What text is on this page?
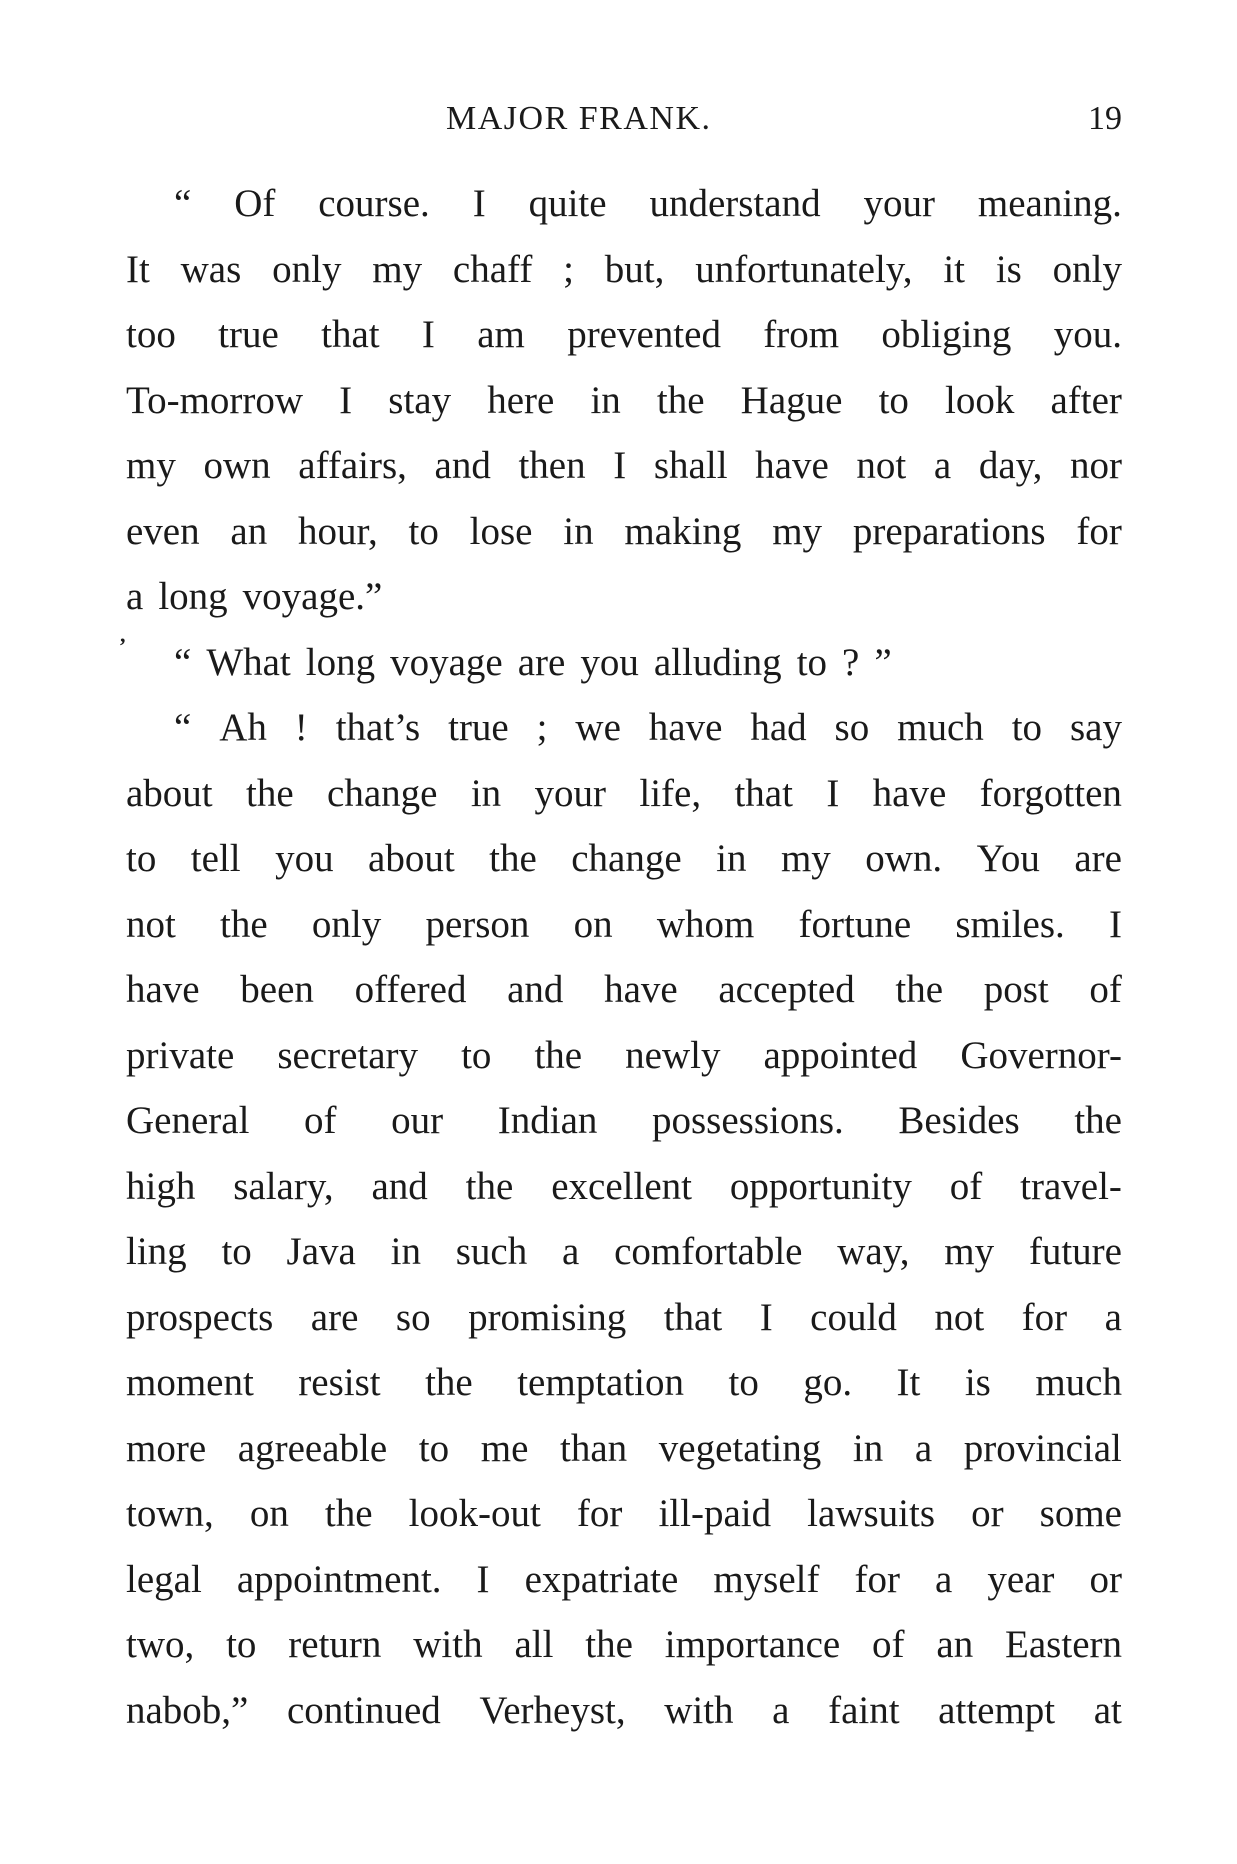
MAJOR FRANK.	19
,
“ Of course. I quite understand your meaning.
It was only my chaff ; but, unfortunately, it is only
too true that I am prevented from obliging you.
To-morrow I stay here in the Hague to look after
my own affairs, and then I shall have not a day, nor
even an hour, to lose in making my preparations for
a long voyage.”
“ What long voyage are you alluding to ? ”
“ Ah ! that’s true ; we have had so much to say
about the change in your life, that I have forgotten
to tell you about the change in my own. You are
not the only person on whom fortune smiles. I
have been offered and have accepted the post of
private secretary to the newly appointed Governor-
General of our Indian possessions. Besides the
high salary, and the excellent opportunity of travel-
ling to Java in such a comfortable way, my future
prospects are so promising that I could not for a
moment resist the temptation to go. It is much
more agreeable to me than vegetating in a provincial
town, on the look-out for ill-paid lawsuits or some
legal appointment. I expatriate myself for a year or
two, to return with all the importance of an Eastern
nabob,” continued Verheyst, with a faint attempt at
